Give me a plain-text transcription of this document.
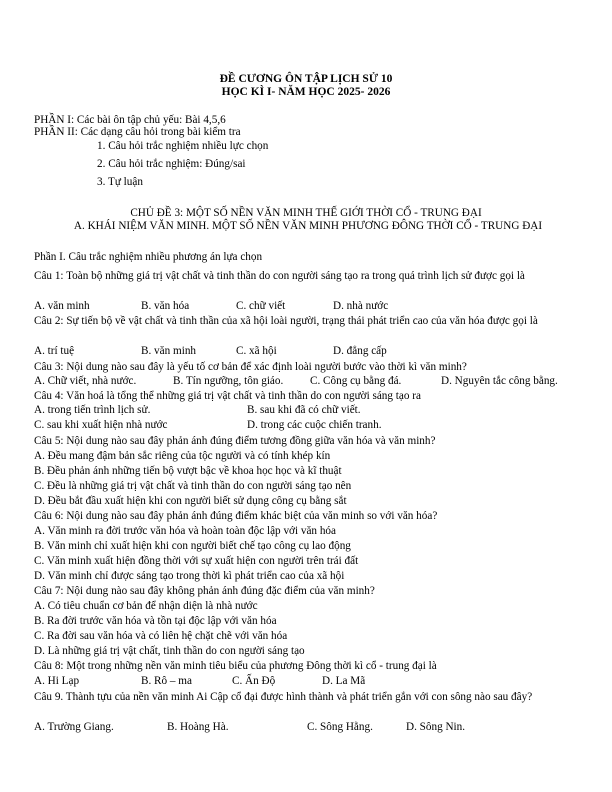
ĐỀ CƯƠNG ÔN TẬP LỊCH SỬ 10
HỌC KÌ I- NĂM HỌC 2025- 2026
PHẦN I: Các bài ôn tập chủ yếu: Bài 4,5,6
PHẦN II: Các dạng câu hỏi trong bài kiểm tra
1. Câu hỏi trắc nghiệm nhiều lực chọn
2. Câu hỏi trắc nghiệm: Đúng/sai
3. Tự luận
CHỦ ĐỀ 3: MỘT SỐ NỀN VĂN MINH THẾ GIỚI THỜI CỔ - TRUNG ĐẠI
A. KHÁI NIỆM VĂN MINH. MỘT SỐ NỀN VĂN MINH PHƯƠNG ĐÔNG THỜI CỔ - TRUNG ĐẠI
Phần I. Câu trắc nghiệm nhiều phương án lựa chọn
Câu 1: Toàn bộ những giá trị vật chất và tinh thần do con người sáng tạo ra trong quá trình lịch sử được gọi là
A. văn minh	B. văn hóa	C. chữ viết	D. nhà nước
Câu 2: Sự tiến bộ về vật chất và tinh thần của xã hội loài người, trạng thái phát triển cao của văn hóa được gọi là
A. trí tuệ	B. văn minh	C. xã hội	D. đẳng cấp
Câu 3: Nội dung nào sau đây là yếu tố cơ bản để xác định loài người bước vào thời kì văn minh?
A. Chữ viết, nhà nước.	B. Tín ngưỡng, tôn giáo. C. Công cụ bằng đá.	D. Nguyên tắc công bằng.
Câu 4: Văn hoá là tổng thể những giá trị vật chất và tinh thần do con người sáng tạo ra
A. trong tiến trình lịch sử.	B. sau khi đã có chữ viết.
C. sau khi xuất hiện nhà nước	D. trong các cuộc chiến tranh.
Câu 5: Nội dung nào sau đây phản ánh đúng điểm tương đồng giữa văn hóa và văn minh?
A. Đều mang đậm bản sắc riêng của tộc người và có tính khép kín
B. Đều phản ánh những tiến bộ vượt bậc về khoa học học và kĩ thuật
C. Đều là những giá trị vật chất và tinh thần do con người sáng tạo nên
D. Đều bắt đầu xuất hiện khi con người biết sử dụng công cụ bằng sắt
Câu 6: Nội dung nào sau đây phản ánh đúng điểm khác biệt của văn minh so với văn hóa?
A. Văn minh ra đời trước văn hóa và hoàn toàn độc lập với văn hóa
B. Văn minh chỉ xuất hiện khi con người biết chế tạo công cụ lao động
C. Văn minh xuất hiện đồng thời với sự xuất hiện con người trên trái đất
D. Văn minh chỉ được sáng tạo trong thời kì phát triển cao của xã hội
Câu 7: Nội dung nào sau đây không phản ánh đúng đặc điểm của văn minh?
A. Có tiêu chuẩn cơ bản để nhận diện là nhà nước
B. Ra đời trước văn hóa và tồn tại độc lập với văn hóa
C. Ra đời sau văn hóa và có liên hệ chặt chẽ với văn hóa
D. Là những giá trị vật chất, tinh thần do con người sáng tạo
Câu 8: Một trong những nền văn minh tiêu biểu của phương Đông thời kì cổ - trung đại là
A. Hi Lạp	B. Rô – ma	C. Ấn Độ	D. La Mã
Câu 9. Thành tựu của nền văn minh Ai Cập cổ đại được hình thành và phát triển gắn với con sông nào sau đây?
A. Trường Giang.	B. Hoàng Hà.	C. Sông Hằng.	D. Sông Nin.
